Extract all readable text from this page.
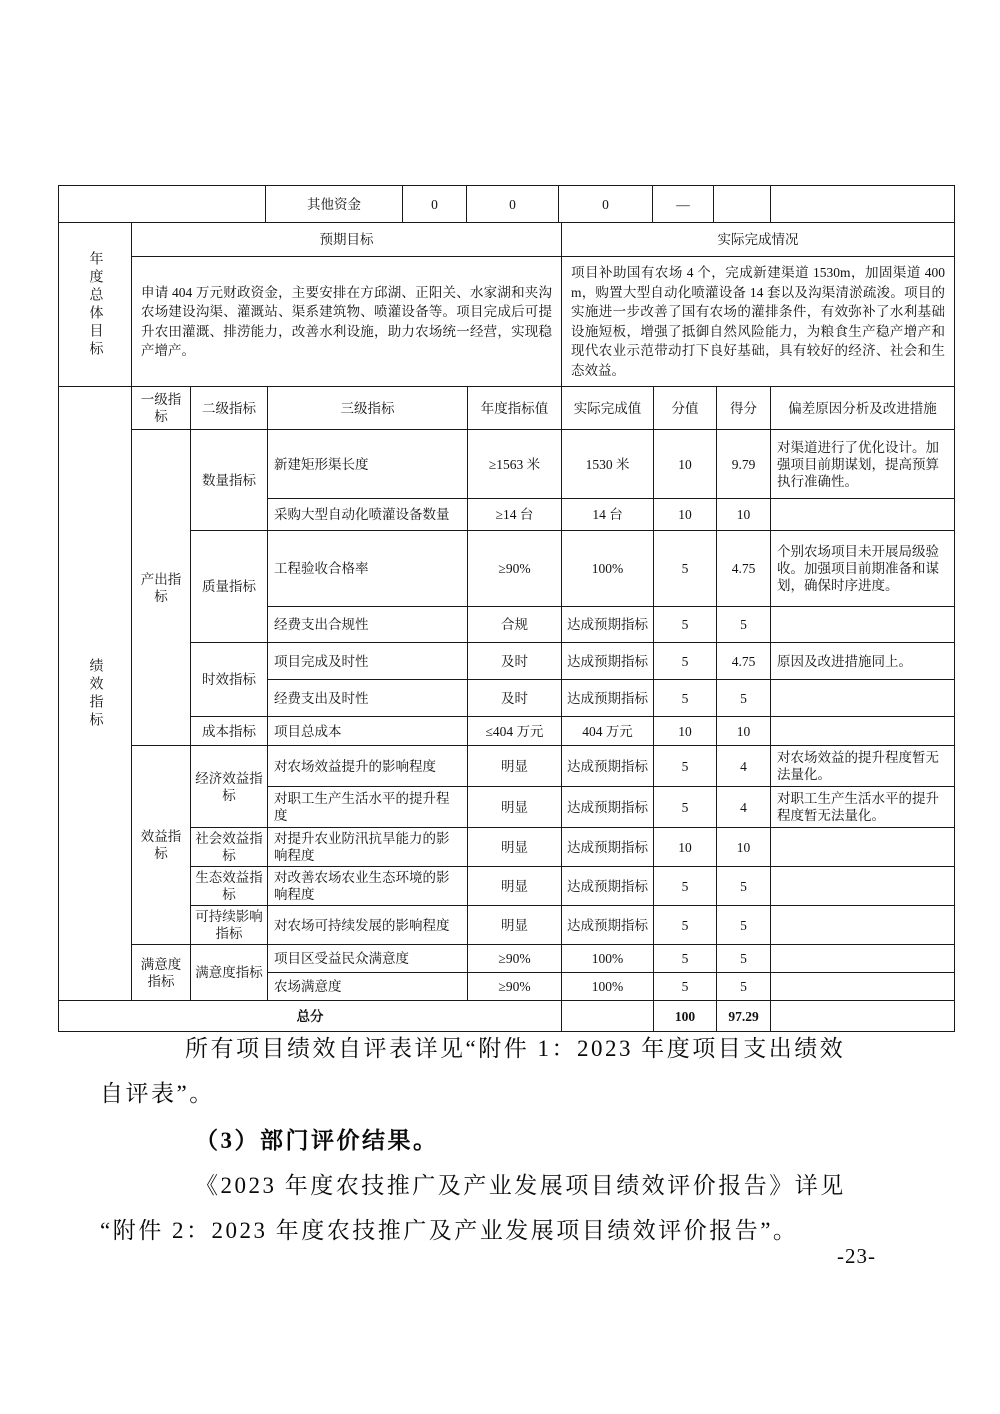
	其他资金	0	0	0	—		
年度总体目标	预期目标	实际完成情况
	申请 404 万元财政资金，主要安排在方邱湖、正阳关、水家湖和夹沟农场建设沟渠、灌溉站、渠系建筑物、喷灌设备等。项目完成后可提升农田灌溉、排涝能力，改善水利设施，助力农场统一经营，实现稳产增产。	项目补助国有农场 4 个，完成新建渠道 1530m，加固渠道 400m，购置大型自动化喷灌设备 14 套以及沟渠清淤疏浚。项目的实施进一步改善了国有农场的灌排条件，有效弥补了水利基础设施短板，增强了抵御自然风险能力，为粮食生产稳产增产和现代农业示范带动打下良好基础，具有较好的经济、社会和生态效益。
绩效指标	一级指标	二级指标	三级指标	年度指标值	实际完成值	分值	得分	偏差原因分析及改进措施
	产出指标	数量指标	新建矩形渠长度	≥1563 米	1530 米	10	9.79	对渠道进行了优化设计。加强项目前期谋划，提高预算执行准确性。
			采购大型自动化喷灌设备数量	≥14 台	14 台	10	10	
		质量指标	工程验收合格率	≥90%	100%	5	4.75	个别农场项目未开展局级验收。加强项目前期准备和谋划，确保时序进度。
			经费支出合规性	合规	达成预期指标	5	5	
		时效指标	项目完成及时性	及时	达成预期指标	5	4.75	原因及改进措施同上。
			经费支出及时性	及时	达成预期指标	5	5	
		成本指标	项目总成本	≤404 万元	404 万元	10	10	
	效益指标	经济效益指标	对农场效益提升的影响程度	明显	达成预期指标	5	4	对农场效益的提升程度暂无法量化。
			对职工生产生活水平的提升程度	明显	达成预期指标	5	4	对职工生产生活水平的提升程度暂无法量化。
		社会效益指标	对提升农业防汛抗旱能力的影响程度	明显	达成预期指标	10	10	
		生态效益指标	对改善农场农业生态环境的影响程度	明显	达成预期指标	5	5	
		可持续影响指标	对农场可持续发展的影响程度	明显	达成预期指标	5	5	
	满意度指标	满意度指标	项目区受益民众满意度	≥90%	100%	5	5	
			农场满意度	≥90%	100%	5	5	
总分						100	97.29	
所有项目绩效自评表详见“附件 1：2023 年度项目支出绩效
自评表”。
（3）部门评价结果。
《2023 年度农技推广及产业发展项目绩效评价报告》详见
“附件 2：2023 年度农技推广及产业发展项目绩效评价报告”。
-23-
